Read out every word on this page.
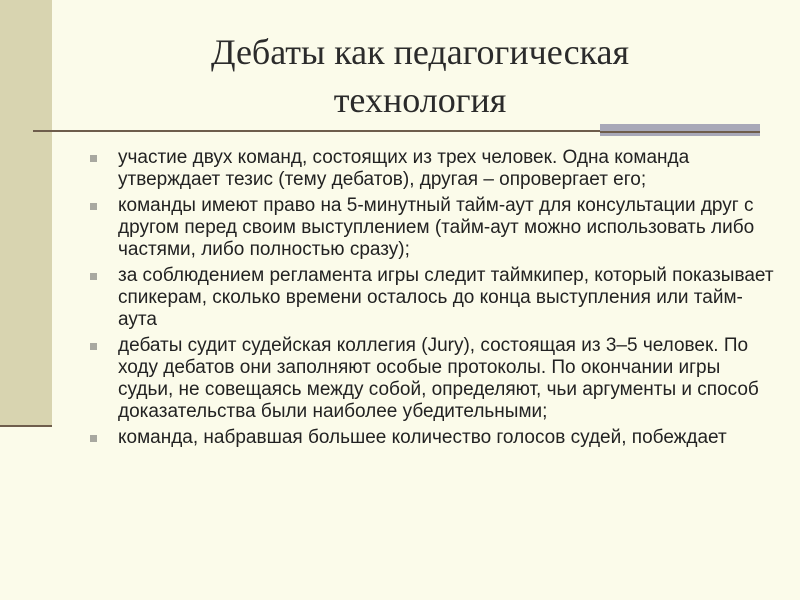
Дебаты как педагогическая
технология
участие двух команд, состоящих из трех человек. Одна команда утверждает тезис (тему дебатов), другая – опровергает его;
команды имеют право на 5-минутный тайм-аут для консультации друг с другом перед своим выступлением (тайм-аут можно использовать либо частями, либо полностью сразу);
за соблюдением регламента игры следит таймкипер, который показывает спикерам, сколько времени осталось до конца выступления или тайм-аута
дебаты судит судейская коллегия (Jury), состоящая из 3–5 человек. По ходу дебатов они заполняют особые протоколы. По окончании игры судьи, не совещаясь между собой, определяют, чьи аргументы и способ доказательства были наиболее убедительными;
команда, набравшая большее количество голосов судей, побеждает
